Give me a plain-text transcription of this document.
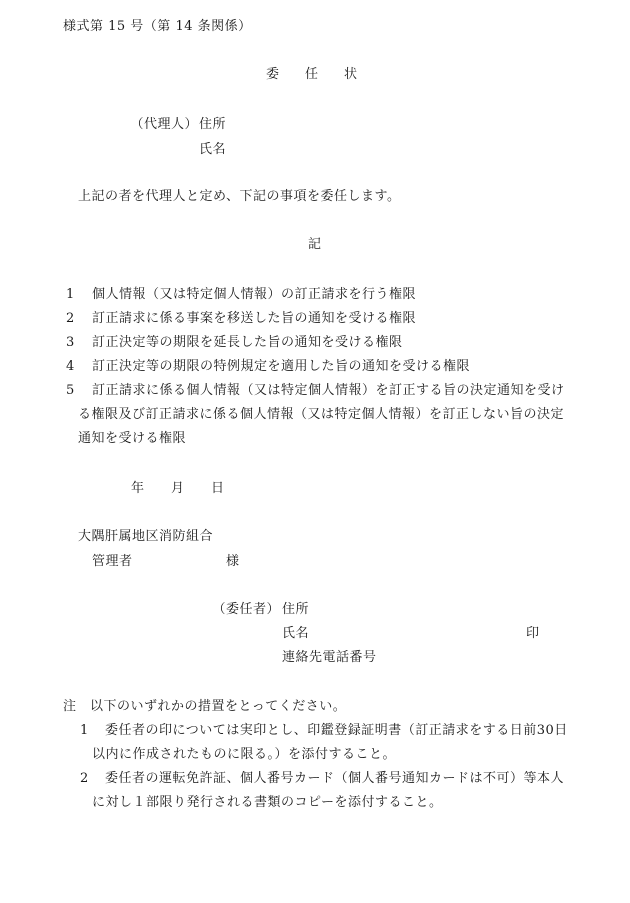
様式第 15 号（第 14 条関係）
委　　任　　状
（代理人） 住所
氏名
上記の者を代理人と定め、下記の事項を委任します。
記
1 個人情報（又は特定個人情報）の訂正請求を行う権限
2 訂正請求に係る事案を移送した旨の通知を受ける権限
3 訂正決定等の期限を延長した旨の通知を受ける権限
4 訂正決定等の期限の特例規定を適用した旨の通知を受ける権限
5 訂正請求に係る個人情報（又は特定個人情報）を訂正する旨の決定通知を受け
る権限及び訂正請求に係る個人情報（又は特定個人情報）を訂正しない旨の決定
通知を受ける権限
年 月 日
大隅肝属地区消防組合
管理者	様
（委任者） 住所
氏名	印
連絡先電話番号
注 以下のいずれかの措置をとってください。
1 委任者の印については実印とし、印鑑登録証明書（訂正請求をする日前30日
以内に作成されたものに限る。）を添付すること。
2 委任者の運転免許証、個人番号カード（個人番号通知カードは不可）等本人
に対し１部限り発行される書類のコピーを添付すること。
